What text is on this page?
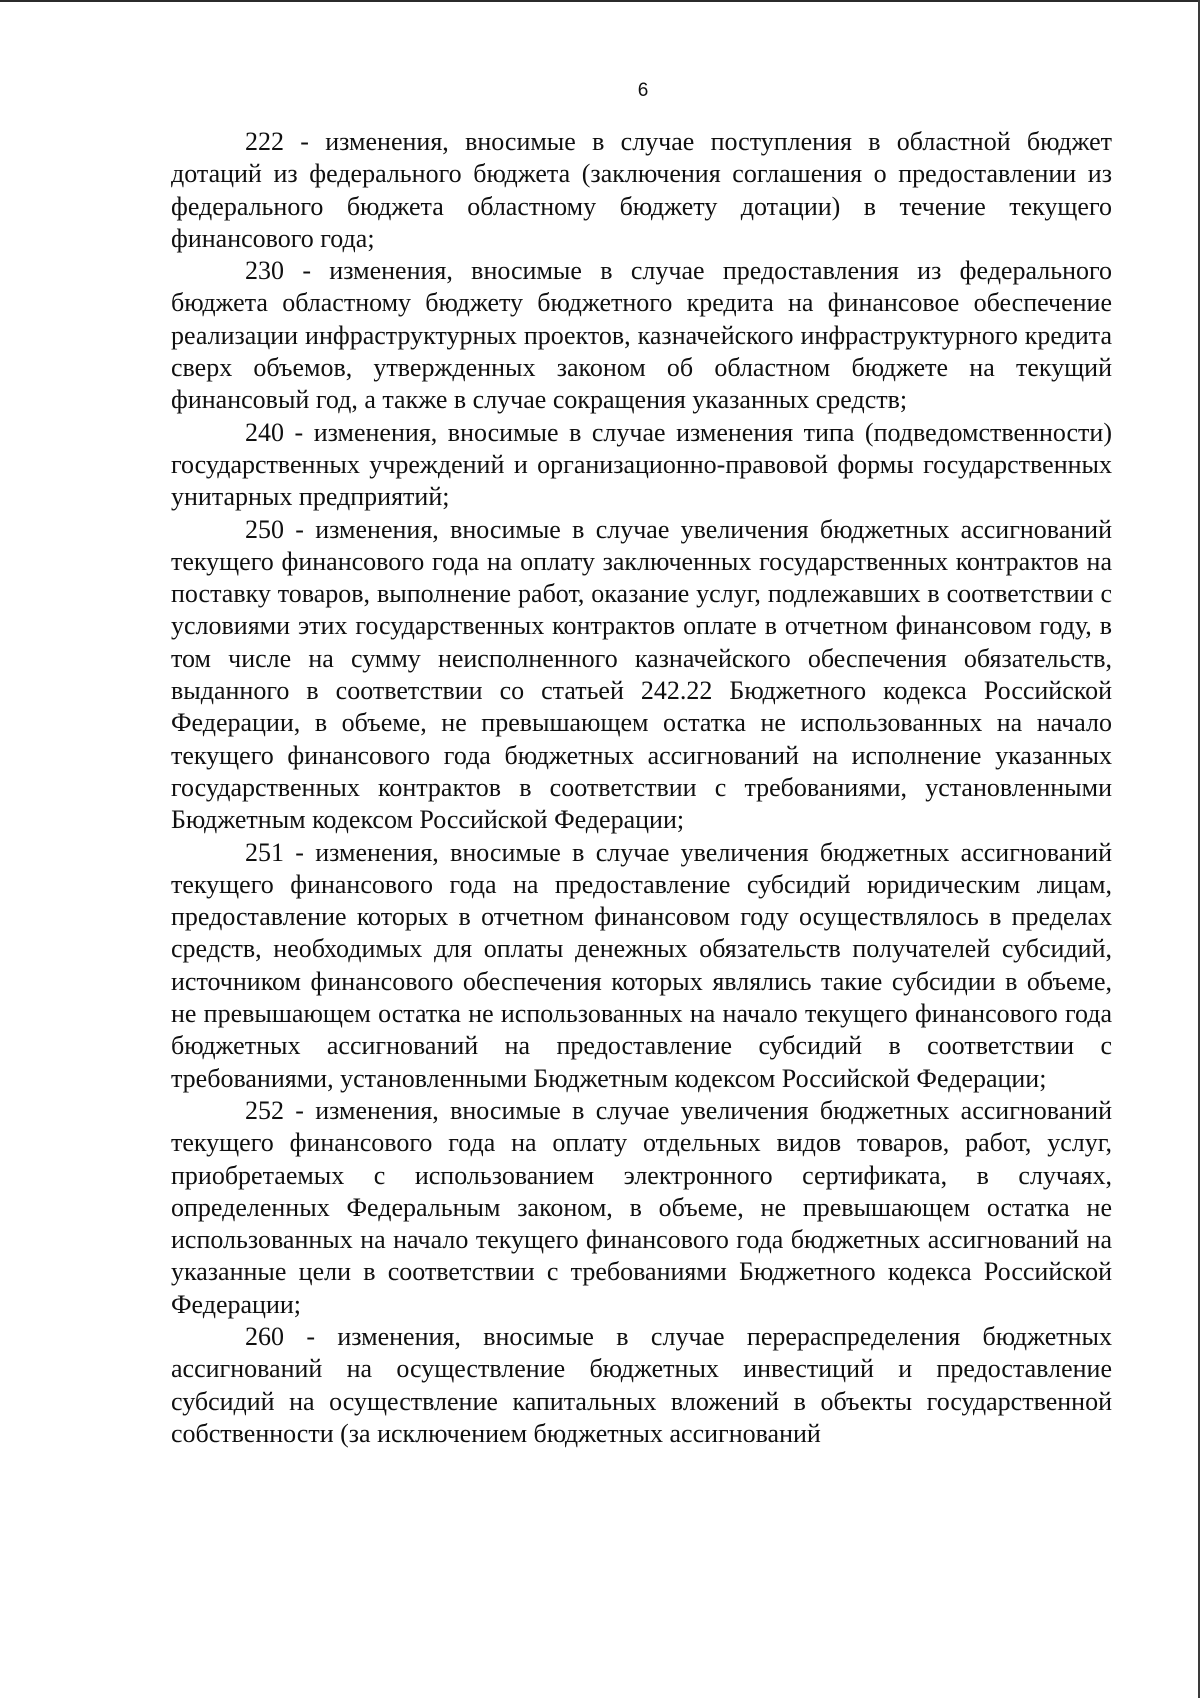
6

222 - изменения, вносимые в случае поступления в областной бюджет дотаций из федерального бюджета (заключения соглашения о предоставлении из федерального бюджета областному бюджету дотации) в течение текущего финансового года;

230 - изменения, вносимые в случае предоставления из федерального бюджета областному бюджету бюджетного кредита на финансовое обеспечение реализации инфраструктурных проектов, казначейского инфраструктурного кредита сверх объемов, утвержденных законом об областном бюджете на текущий финансовый год, а также в случае сокращения указанных средств;

240 - изменения, вносимые в случае изменения типа (подведомственности) государственных учреждений и организационно-правовой формы государственных унитарных предприятий;

250 - изменения, вносимые в случае увеличения бюджетных ассигнований текущего финансового года на оплату заключенных государственных контрактов на поставку товаров, выполнение работ, оказание услуг, подлежавших в соответствии с условиями этих государственных контрактов оплате в отчетном финансовом году, в том числе на сумму неисполненного казначейского обеспечения обязательств, выданного в соответствии со статьей 242.22 Бюджетного кодекса Российской Федерации, в объеме, не превышающем остатка не использованных на начало текущего финансового года бюджетных ассигнований на исполнение указанных государственных контрактов в соответствии с требованиями, установленными Бюджетным кодексом Российской Федерации;

251 - изменения, вносимые в случае увеличения бюджетных ассигнований текущего финансового года на предоставление субсидий юридическим лицам, предоставление которых в отчетном финансовом году осуществлялось в пределах средств, необходимых для оплаты денежных обязательств получателей субсидий, источником финансового обеспечения которых являлись такие субсидии в объеме, не превышающем остатка не использованных на начало текущего финансового года бюджетных ассигнований на предоставление субсидий в соответствии с требованиями, установленными Бюджетным кодексом Российской Федерации;

252 - изменения, вносимые в случае увеличения бюджетных ассигнований текущего финансового года на оплату отдельных видов товаров, работ, услуг, приобретаемых с использованием электронного сертификата, в случаях, определенных Федеральным законом, в объеме, не превышающем остатка не использованных на начало текущего финансового года бюджетных ассигнований на указанные цели в соответствии с требованиями Бюджетного кодекса Российской Федерации;

260 - изменения, вносимые в случае перераспределения бюджетных ассигнований на осуществление бюджетных инвестиций и предоставление субсидий на осуществление капитальных вложений в объекты государственной собственности (за исключением бюджетных ассигнований
